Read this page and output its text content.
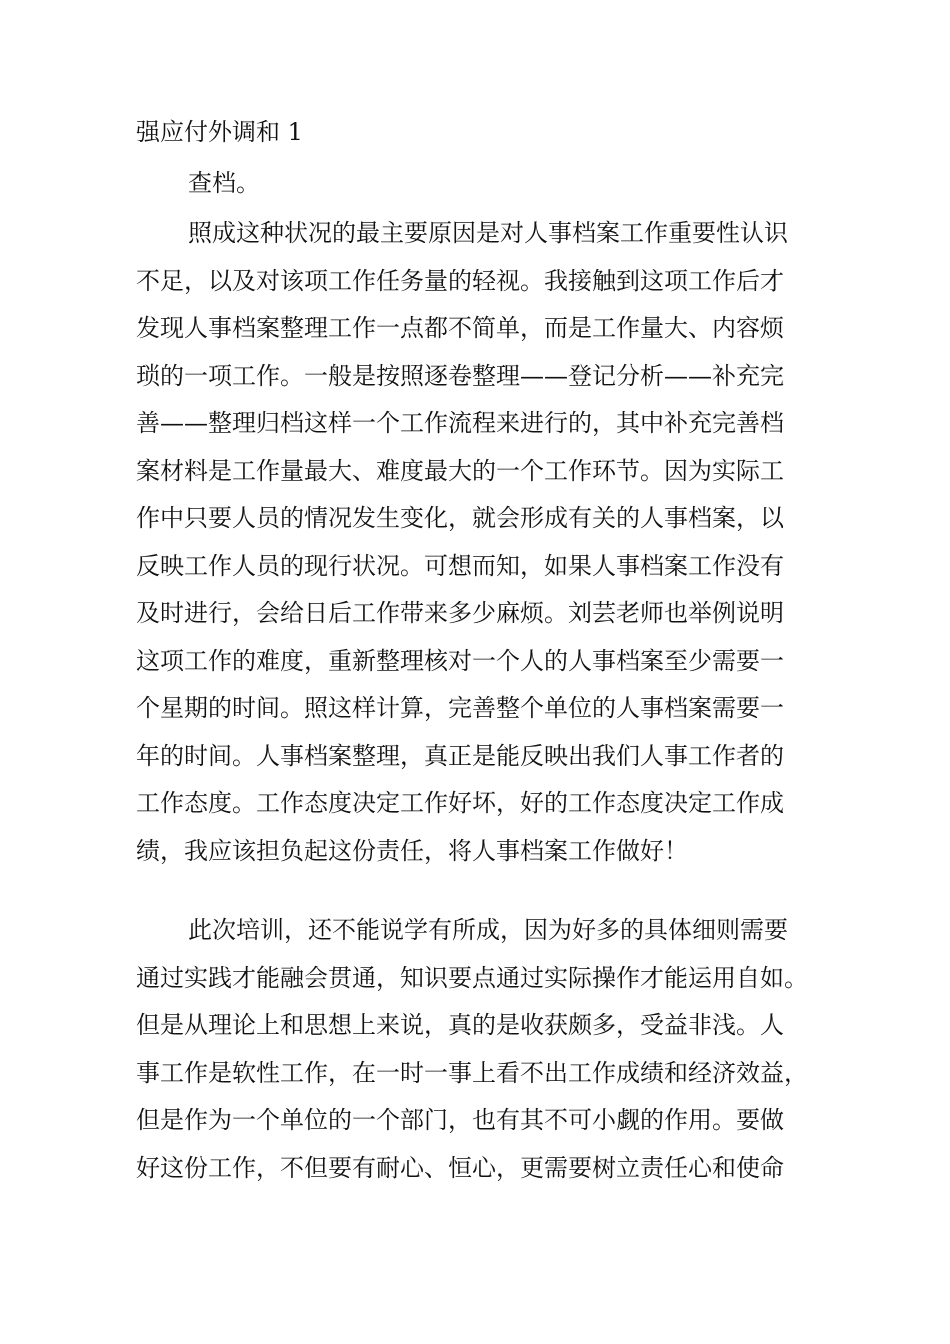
强应付外调和 1
查档。
照成这种状况的最主要原因是对人事档案工作重要性认识
不足，以及对该项工作任务量的轻视。我接触到这项工作后才
发现人事档案整理工作一点都不简单，而是工作量大、内容烦
琐的一项工作。一般是按照逐卷整理——登记分析——补充完
善——整理归档这样一个工作流程来进行的，其中补充完善档
案材料是工作量最大、难度最大的一个工作环节。因为实际工
作中只要人员的情况发生变化，就会形成有关的人事档案，以
反映工作人员的现行状况。可想而知，如果人事档案工作没有
及时进行，会给日后工作带来多少麻烦。刘芸老师也举例说明
这项工作的难度，重新整理核对一个人的人事档案至少需要一
个星期的时间。照这样计算，完善整个单位的人事档案需要一
年的时间。人事档案整理，真正是能反映出我们人事工作者的
工作态度。工作态度决定工作好坏，好的工作态度决定工作成
绩，我应该担负起这份责任，将人事档案工作做好！
此次培训，还不能说学有所成，因为好多的具体细则需要
通过实践才能融会贯通，知识要点通过实际操作才能运用自如。
但是从理论上和思想上来说，真的是收获颇多，受益非浅。人
事工作是软性工作，在一时一事上看不出工作成绩和经济效益，
但是作为一个单位的一个部门，也有其不可小觑的作用。要做
好这份工作，不但要有耐心、恒心，更需要树立责任心和使命
